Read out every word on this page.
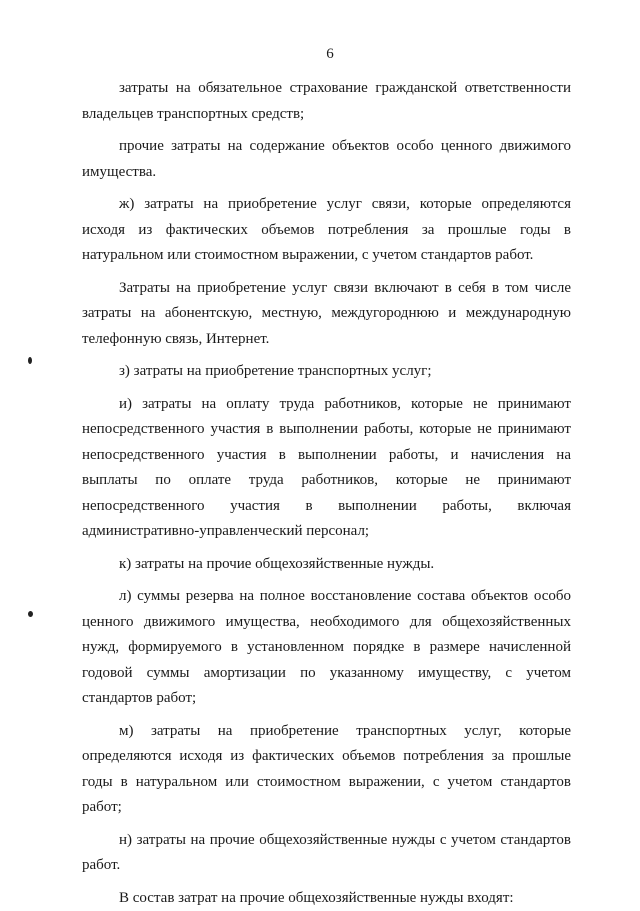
6

затраты на обязательное страхование гражданской ответственности владельцев транспортных средств;

прочие затраты на содержание объектов особо ценного движимого имущества.

ж) затраты на приобретение услуг связи, которые определяются исходя из фактических объемов потребления за прошлые годы в натуральном или стоимостном выражении, с учетом стандартов работ.

Затраты на приобретение услуг связи включают в себя в том числе затраты на абонентскую, местную, междугороднюю и международную телефонную связь, Интернет.

з) затраты на приобретение транспортных услуг;

и) затраты на оплату труда работников, которые не принимают непосредственного участия в выполнении работы, которые не принимают непосредственного участия в выполнении работы, и начисления на выплаты по оплате труда работников, которые не принимают непосредственного участия в выполнении работы, включая административно-управленческий персонал;

к) затраты на прочие общехозяйственные нужды.

л) суммы резерва на полное восстановление состава объектов особо ценного движимого имущества, необходимого для общехозяйственных нужд, формируемого в установленном порядке в размере начисленной годовой суммы амортизации по указанному имуществу, с учетом стандартов работ;

м) затраты на приобретение транспортных услуг, которые определяются исходя из фактических объемов потребления за прошлые годы в натуральном или стоимостном выражении, с учетом стандартов работ;

н) затраты на прочие общехозяйственные нужды с учетом стандартов работ.

В состав затрат на прочие общехозяйственные нужды входят:
